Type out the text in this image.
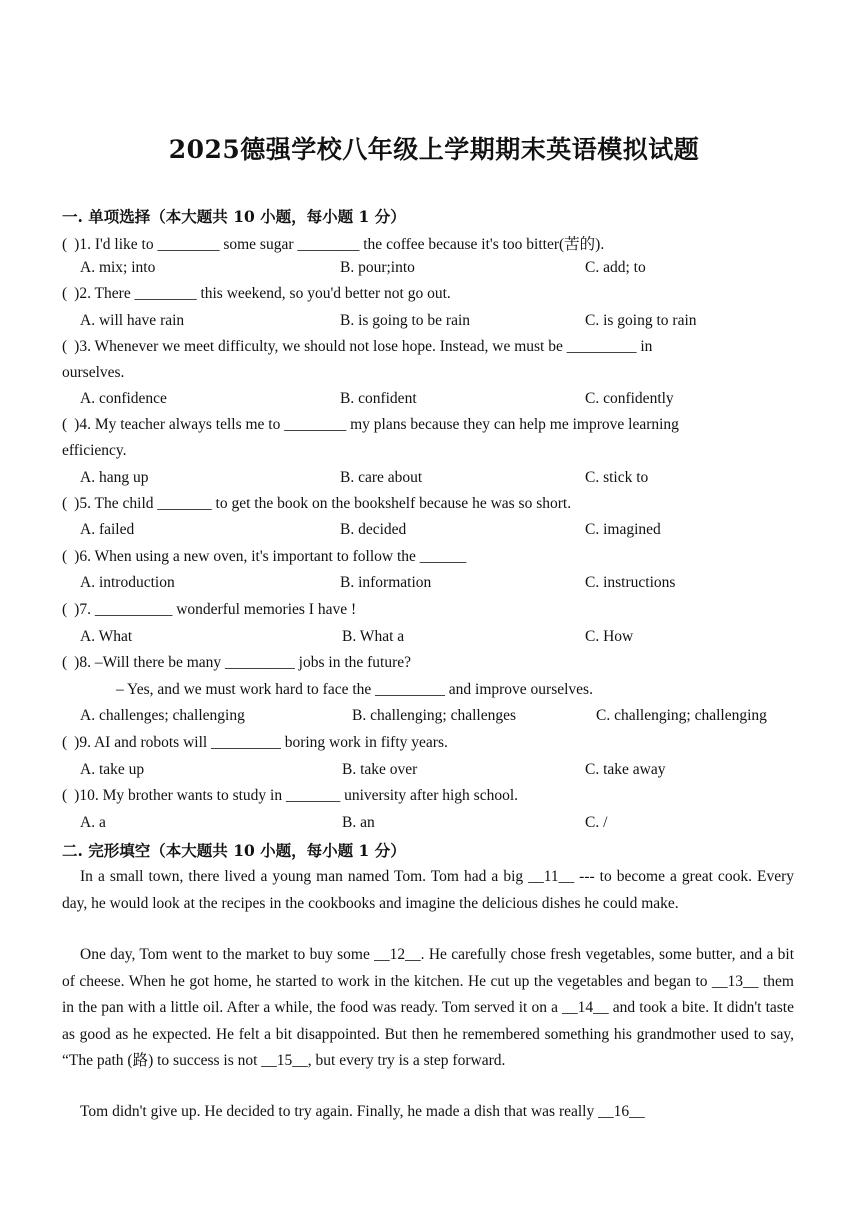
2025德强学校八年级上学期期末英语模拟试题
一. 单项选择（本大题共 10 小题，每小题 1 分）
( )1. I'd like to ________ some sugar ________ the coffee because it's too bitter(苦的).
A. mix; into	B. pour;into	C. add; to
( )2. There ________ this weekend, so you'd better not go out.
A. will have rain	B. is going to be rain	C. is going to rain
( )3. Whenever we meet difficulty, we should not lose hope. Instead, we must be _________ in
ourselves.
A. confidence	B. confident	C. confidently
( )4. My teacher always tells me to ________ my plans because they can help me improve learning
efficiency.
A. hang up	B. care about	C. stick to
( )5. The child _______ to get the book on the bookshelf because he was so short.
A. failed	B. decided	C. imagined
( )6. When using a new oven, it's important to follow the ______
A. introduction	B. information	C. instructions
( )7. __________ wonderful memories I have !
A. What	B. What a	C. How
( )8. –Will there be many _________ jobs in the future?
– Yes, and we must work hard to face the _________ and improve ourselves.
A. challenges; challenging	B. challenging; challenges	C. challenging; challenging
( )9. AI and robots will _________ boring work in fifty years.
A. take up	B. take over	C. take away
( )10. My brother wants to study in _______ university after high school.
A. a	B. an	C. /
二. 完形填空（本大题共 10 小题，每小题 1 分）
In a small town, there lived a young man named Tom. Tom had a big __11__ --- to become a great cook. Every day, he would look at the recipes in the cookbooks and imagine the delicious dishes he could make.
One day, Tom went to the market to buy some __12__. He carefully chose fresh vegetables, some butter, and a bit of cheese. When he got home, he started to work in the kitchen. He cut up the vegetables and began to __13__ them in the pan with a little oil. After a while, the food was ready. Tom served it on a __14__ and took a bite. It didn't taste as good as he expected. He felt a bit disappointed. But then he remembered something his grandmother used to say, “The path (路) to success is not __15__, but every try is a step forward.
Tom didn't give up. He decided to try again. Finally, he made a dish that was really __16__
